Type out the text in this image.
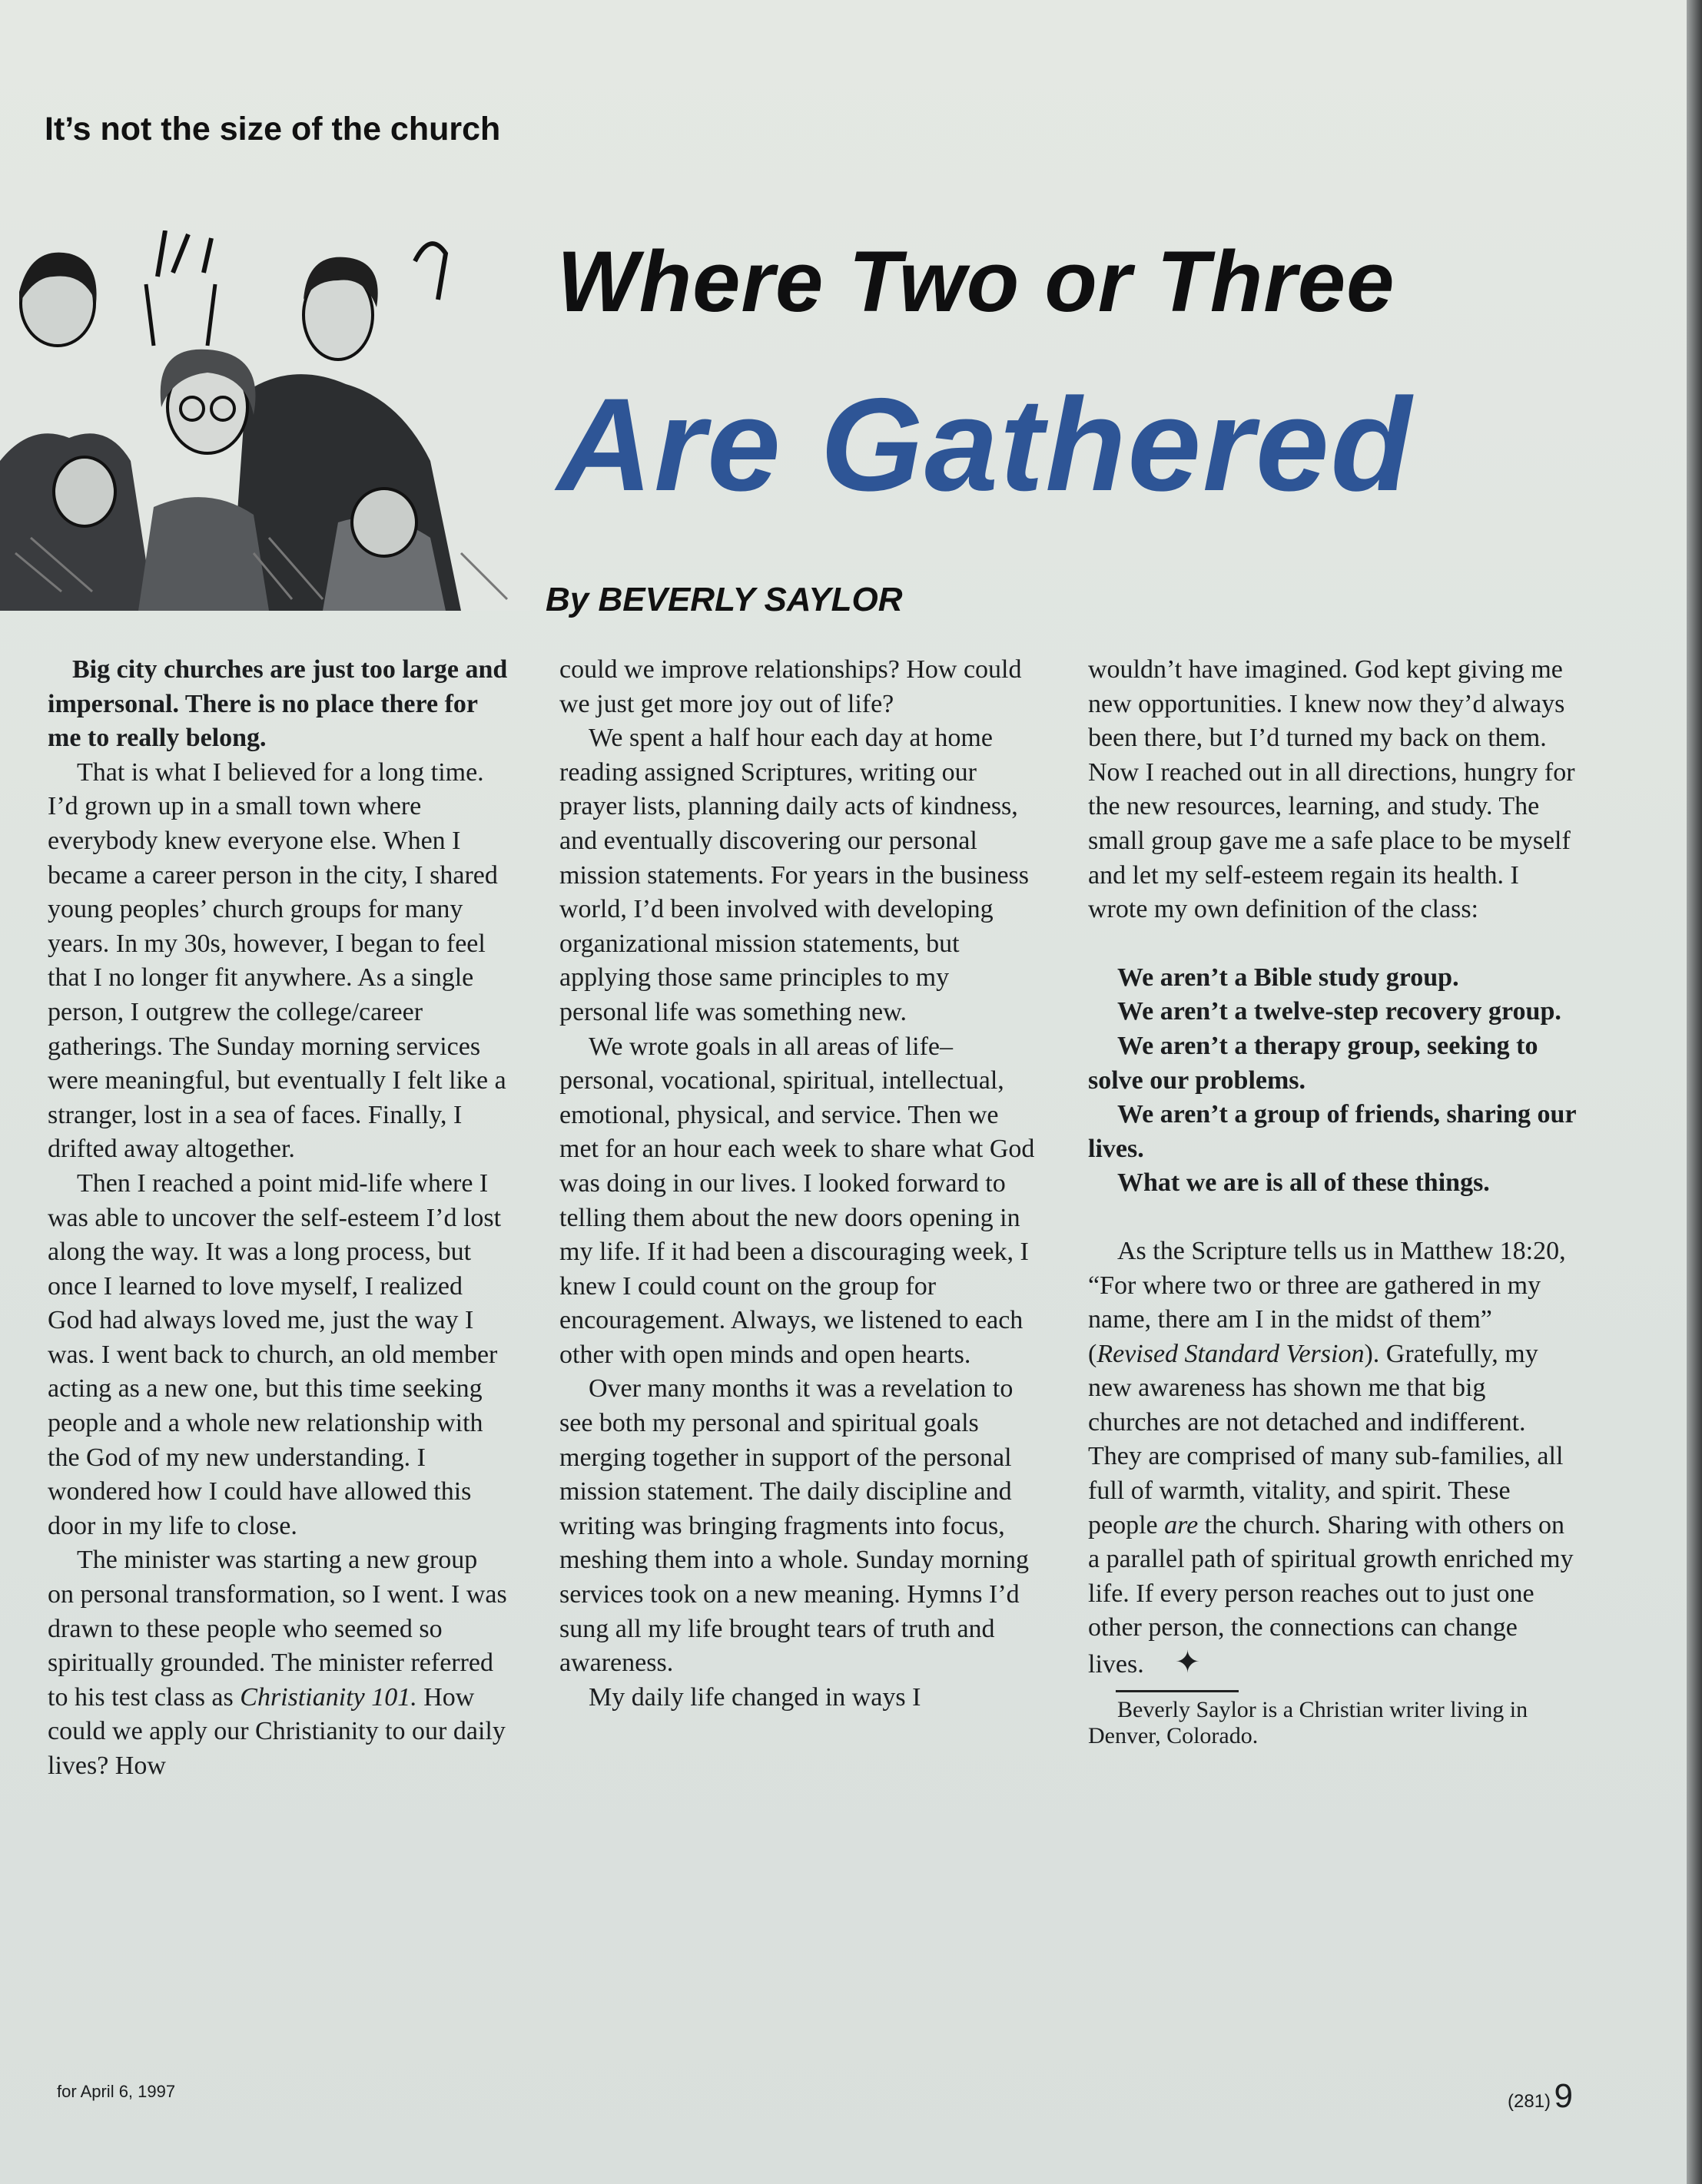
It’s not the size of the church
Where Two or Three
Are Gathered
By BEVERLY SAYLOR

Big city churches are just too large and impersonal. There is no place there for me to really belong.

That is what I believed for a long time. I’d grown up in a small town where everybody knew everyone else. When I became a career person in the city, I shared young peoples’ church groups for many years. In my 30s, however, I began to feel that I no longer fit anywhere. As a single person, I outgrew the college/career gatherings. The Sunday morning services were meaningful, but eventually I felt like a stranger, lost in a sea of faces. Finally, I drifted away altogether.

Then I reached a point mid-life where I was able to uncover the self-esteem I’d lost along the way. It was a long process, but once I learned to love myself, I realized God had always loved me, just the way I was. I went back to church, an old member acting as a new one, but this time seeking people and a whole new relationship with the God of my new understanding. I wondered how I could have allowed this door in my life to close.

The minister was starting a new group on personal transformation, so I went. I was drawn to these people who seemed so spiritually grounded. The minister referred to his test class as Christianity 101. How could we apply our Christianity to our daily lives? How

could we improve relationships? How could we just get more joy out of life?

We spent a half hour each day at home reading assigned Scriptures, writing our prayer lists, planning daily acts of kindness, and eventually discovering our personal mission statements. For years in the business world, I’d been involved with developing organizational mission statements, but applying those same principles to my personal life was something new.

We wrote goals in all areas of life–personal, vocational, spiritual, intellectual, emotional, physical, and service. Then we met for an hour each week to share what God was doing in our lives. I looked forward to telling them about the new doors opening in my life. If it had been a discouraging week, I knew I could count on the group for encouragement. Always, we listened to each other with open minds and open hearts.

Over many months it was a revelation to see both my personal and spiritual goals merging together in support of the personal mission statement. The daily discipline and writing was bringing fragments into focus, meshing them into a whole. Sunday morning services took on a new meaning. Hymns I’d sung all my life brought tears of truth and awareness.

My daily life changed in ways I

wouldn’t have imagined. God kept giving me new opportunities. I knew now they’d always been there, but I’d turned my back on them. Now I reached out in all directions, hungry for the new resources, learning, and study. The small group gave me a safe place to be myself and let my self-esteem regain its health. I wrote my own definition of the class:

We aren’t a Bible study group.

We aren’t a twelve-step recovery group.

We aren’t a therapy group, seeking to solve our problems.

We aren’t a group of friends, sharing our lives.

What we are is all of these things.

As the Scripture tells us in Matthew 18:20, “For where two or three are gathered in my name, there am I in the midst of them” (Revised Standard Version). Gratefully, my new awareness has shown me that big churches are not detached and indifferent. They are comprised of many sub-families, all full of warmth, vitality, and spirit. These people are the church. Sharing with others on a parallel path of spiritual growth enriched my life. If every person reaches out to just one other person, the connections can change lives. ✦

Beverly Saylor is a Christian writer living in Denver, Colorado.

for April 6, 1997	(281) 9
